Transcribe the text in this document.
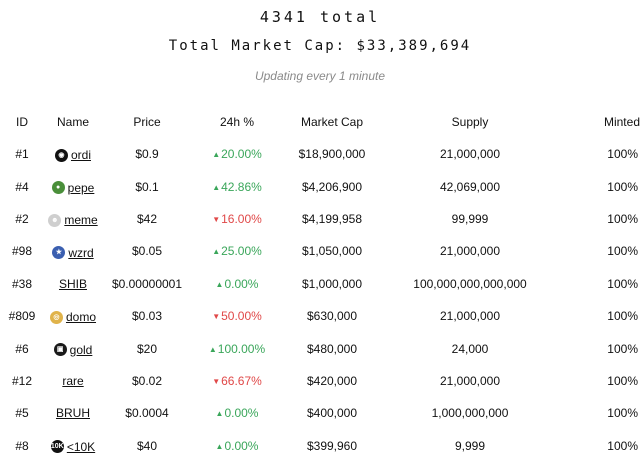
4341 total
Total Market Cap: $33,389,694
Updating every 1 minute
ID	Name	Price	24h %	Market Cap	Supply	Minted
#1	◉ ordi	$0.9	▲20.00%	$18,900,000	21,000,000	100%
#4	● pepe	$0.1	▲42.86%	$4,206,900	42,069,000	100%
#2	☻ meme	$42	▼16.00%	$4,199,958	99,999	100%
#98	★ wzrd	$0.05	▲25.00%	$1,050,000	21,000,000	100%
#38	SHIB	$0.00000001	▲0.00%	$1,000,000	100,000,000,000,000	100%
#809	◎ domo	$0.03	▼50.00%	$630,000	21,000,000	100%
#6	▣ gold	$20	▲100.00%	$480,000	24,000	100%
#12	rare	$0.02	▼66.67%	$420,000	21,000,000	100%
#5	BRUH	$0.0004	▲0.00%	$400,000	1,000,000,000	100%
#8	10K <10K	$40	▲0.00%	$399,960	9,999	100%
